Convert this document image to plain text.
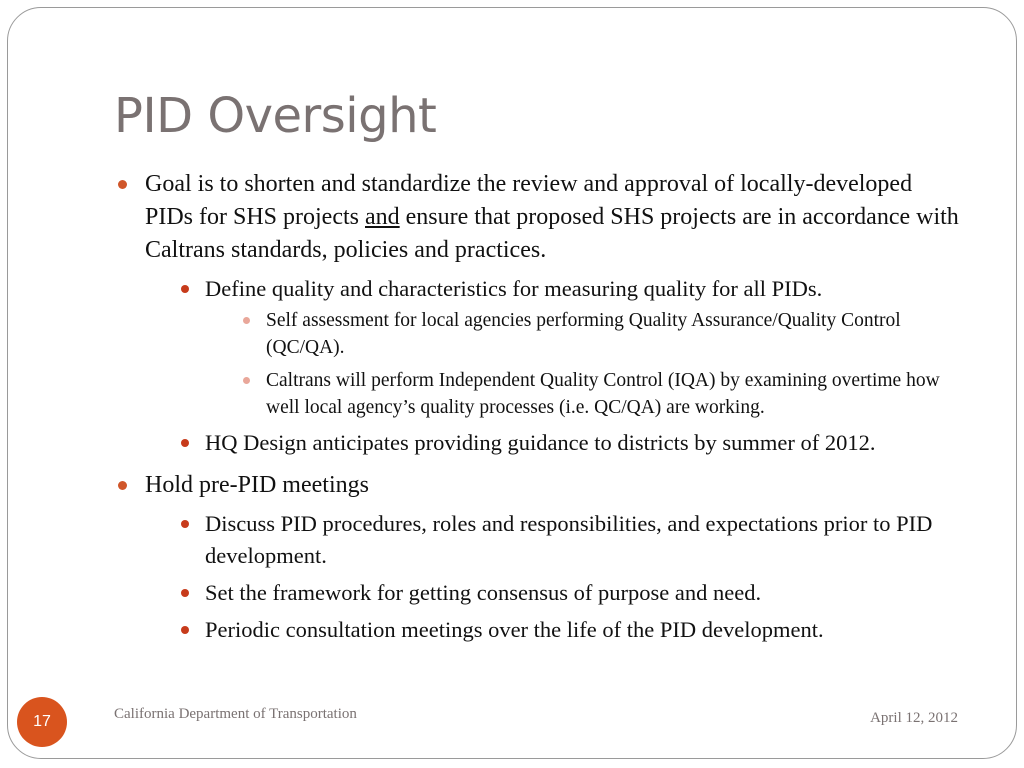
PID Oversight
Goal is to shorten and standardize the review and approval of locally-developed PIDs for SHS projects and ensure that proposed SHS projects are in accordance with Caltrans standards, policies and practices.
Define quality and characteristics for measuring quality for all PIDs.
Self assessment for local agencies performing Quality Assurance/Quality Control (QC/QA).
Caltrans will perform Independent Quality Control (IQA) by examining overtime how well local agency’s quality processes (i.e. QC/QA) are working.
HQ Design anticipates providing guidance to districts by summer of 2012.
Hold pre-PID meetings
Discuss PID procedures, roles and responsibilities, and expectations prior to PID development.
Set the framework for getting consensus of purpose and need.
Periodic consultation meetings over the life of the PID development.
17	California Department of Transportation	April 12, 2012
